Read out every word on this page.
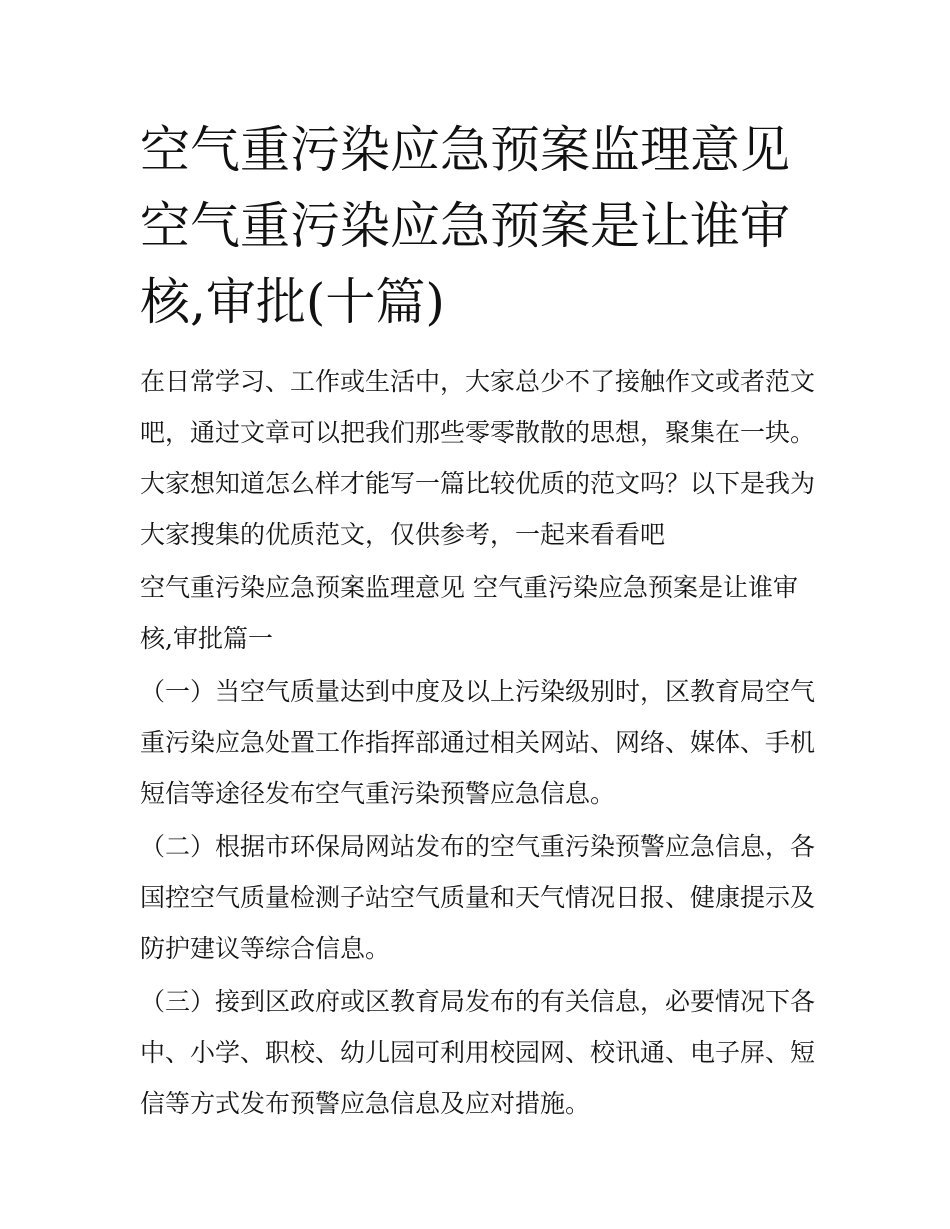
空气重污染应急预案监理意见
空气重污染应急预案是让谁审
核,审批(十篇)

在日常学习、工作或生活中，大家总少不了接触作文或者范文
吧，通过文章可以把我们那些零零散散的思想，聚集在一块。
大家想知道怎么样才能写一篇比较优质的范文吗？以下是我为
大家搜集的优质范文，仅供参考，一起来看看吧

空气重污染应急预案监理意见 空气重污染应急预案是让谁审
核,审批篇一

（一）当空气质量达到中度及以上污染级别时，区教育局空气
重污染应急处置工作指挥部通过相关网站、网络、媒体、手机
短信等途径发布空气重污染预警应急信息。

（二）根据市环保局网站发布的空气重污染预警应急信息，各
国控空气质量检测子站空气质量和天气情况日报、健康提示及
防护建议等综合信息。

（三）接到区政府或区教育局发布的有关信息，必要情况下各
中、小学、职校、幼儿园可利用校园网、校讯通、电子屏、短
信等方式发布预警应急信息及应对措施。
